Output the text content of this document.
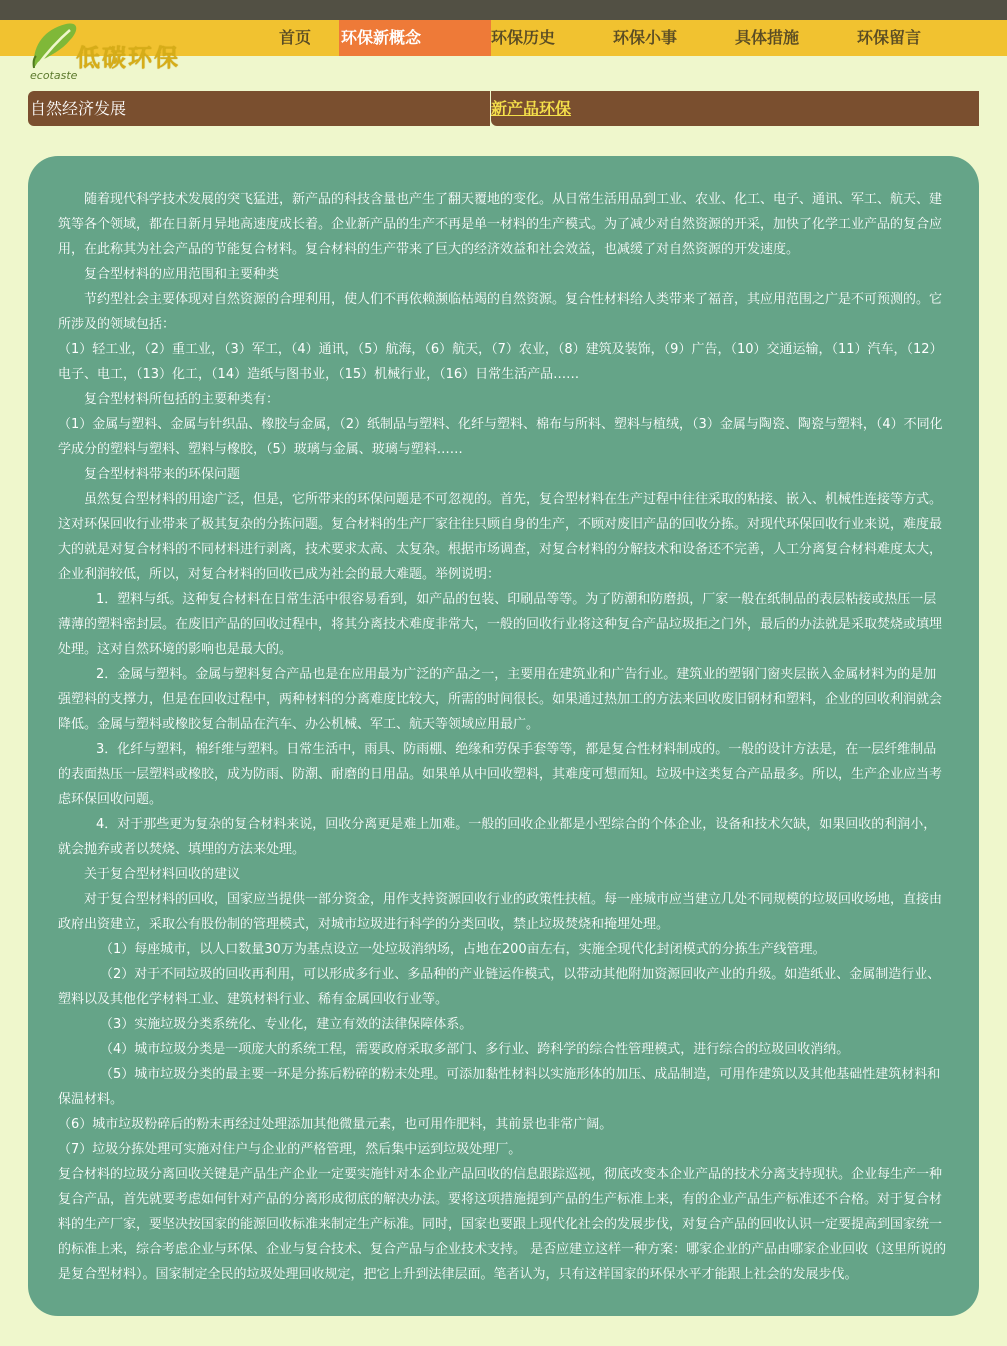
低碳环保
ecotaste
首页 环保新概念	环保历史	环保小事	具体措施	环保留言
自然经济发展	新产品环保

随着现代科学技术发展的突飞猛进，新产品的科技含量也产生了翻天覆地的变化。从日常生活用品到工业、农业、化工、电子、通讯、军工、航天、建筑等各个领域，都在日新月异地高速度成长着。企业新产品的生产不再是单一材料的生产模式。为了减少对自然资源的开采，加快了化学工业产品的复合应用，在此称其为社会产品的节能复合材料。复合材料的生产带来了巨大的经济效益和社会效益，也减缓了对自然资源的开发速度。

复合型材料的应用范围和主要种类

节约型社会主要体现对自然资源的合理利用，使人们不再依赖濒临枯竭的自然资源。复合性材料给人类带来了福音，其应用范围之广是不可预测的。它所涉及的领域包括：

（1）轻工业，（2）重工业，（3）军工，（4）通讯，（5）航海，（6）航天，（7）农业，（8）建筑及装饰，（9）广告，（10）交通运输，（11）汽车，（12）电子、电工，（13）化工，（14）造纸与图书业，（15）机械行业，（16）日常生活产品……

复合型材料所包括的主要种类有：

（1）金属与塑料、金属与针织品、橡胶与金属，（2）纸制品与塑料、化纤与塑料、棉布与所料、塑料与植绒，（3）金属与陶瓷、陶瓷与塑料，（4）不同化学成分的塑料与塑料、塑料与橡胶，（5）玻璃与金属、玻璃与塑料……

复合型材料带来的环保问题

虽然复合型材料的用途广泛，但是，它所带来的环保问题是不可忽视的。首先，复合型材料在生产过程中往往采取的粘接、嵌入、机械性连接等方式。这对环保回收行业带来了极其复杂的分拣问题。复合材料的生产厂家往往只顾自身的生产，不顾对废旧产品的回收分拣。对现代环保回收行业来说，难度最大的就是对复合材料的不同材料进行剥离，技术要求太高、太复杂。根据市场调查，对复合材料的分解技术和设备还不完善，人工分离复合材料难度太大，企业利润较低，所以，对复合材料的回收已成为社会的最大难题。举例说明：

1．塑料与纸。这种复合材料在日常生活中很容易看到，如产品的包装、印刷品等等。为了防潮和防磨损，厂家一般在纸制品的表层粘接或热压一层薄薄的塑料密封层。在废旧产品的回收过程中，将其分离技术难度非常大，一般的回收行业将这种复合产品垃圾拒之门外，最后的办法就是采取焚烧或填埋处理。这对自然环境的影响也是最大的。

2．金属与塑料。金属与塑料复合产品也是在应用最为广泛的产品之一，主要用在建筑业和广告行业。建筑业的塑钢门窗夹层嵌入金属材料为的是加强塑料的支撑力，但是在回收过程中，两种材料的分离难度比较大，所需的时间很长。如果通过热加工的方法来回收废旧钢材和塑料，企业的回收利润就会降低。金属与塑料或橡胶复合制品在汽车、办公机械、军工、航天等领域应用最广。

3．化纤与塑料，棉纤维与塑料。日常生活中，雨具、防雨棚、绝缘和劳保手套等等，都是复合性材料制成的。一般的设计方法是，在一层纤维制品的表面热压一层塑料或橡胶，成为防雨、防潮、耐磨的日用品。如果单从中回收塑料，其难度可想而知。垃圾中这类复合产品最多。所以，生产企业应当考虑环保回收问题。

4．对于那些更为复杂的复合材料来说，回收分离更是难上加难。一般的回收企业都是小型综合的个体企业，设备和技术欠缺，如果回收的利润小，就会抛弃或者以焚烧、填埋的方法来处理。

关于复合型材料回收的建议

对于复合型材料的回收，国家应当提供一部分资金，用作支持资源回收行业的政策性扶植。每一座城市应当建立几处不同规模的垃圾回收场地，直接由政府出资建立，采取公有股份制的管理模式，对城市垃圾进行科学的分类回收，禁止垃圾焚烧和掩埋处理。

（1）每座城市，以人口数量30万为基点设立一处垃圾消纳场，占地在200亩左右，实施全现代化封闭模式的分拣生产线管理。

（2）对于不同垃圾的回收再利用，可以形成多行业、多品种的产业链运作模式，以带动其他附加资源回收产业的升级。如造纸业、金属制造行业、塑料以及其他化学材料工业、建筑材料行业、稀有金属回收行业等。

（3）实施垃圾分类系统化、专业化，建立有效的法律保障体系。

（4）城市垃圾分类是一项庞大的系统工程，需要政府采取多部门、多行业、跨科学的综合性管理模式，进行综合的垃圾回收消纳。

（5）城市垃圾分类的最主要一环是分拣后粉碎的粉末处理。可添加黏性材料以实施形体的加压、成品制造，可用作建筑以及其他基础性建筑材料和保温材料。

（6）城市垃圾粉碎后的粉末再经过处理添加其他微量元素，也可用作肥料，其前景也非常广阔。

（7）垃圾分拣处理可实施对住户与企业的严格管理，然后集中运到垃圾处理厂。

复合材料的垃圾分离回收关键是产品生产企业一定要实施针对本企业产品回收的信息跟踪巡视，彻底改变本企业产品的技术分离支持现状。企业每生产一种复合产品，首先就要考虑如何针对产品的分离形成彻底的解决办法。要将这项措施提到产品的生产标准上来，有的企业产品生产标准还不合格。对于复合材料的生产厂家，要坚决按国家的能源回收标准来制定生产标准。同时，国家也要跟上现代化社会的发展步伐，对复合产品的回收认识一定要提高到国家统一的标准上来，综合考虑企业与环保、企业与复合技术、复合产品与企业技术支持。 是否应建立这样一种方案：哪家企业的产品由哪家企业回收（这里所说的是复合型材料）。国家制定全民的垃圾处理回收规定，把它上升到法律层面。笔者认为，只有这样国家的环保水平才能跟上社会的发展步伐。
